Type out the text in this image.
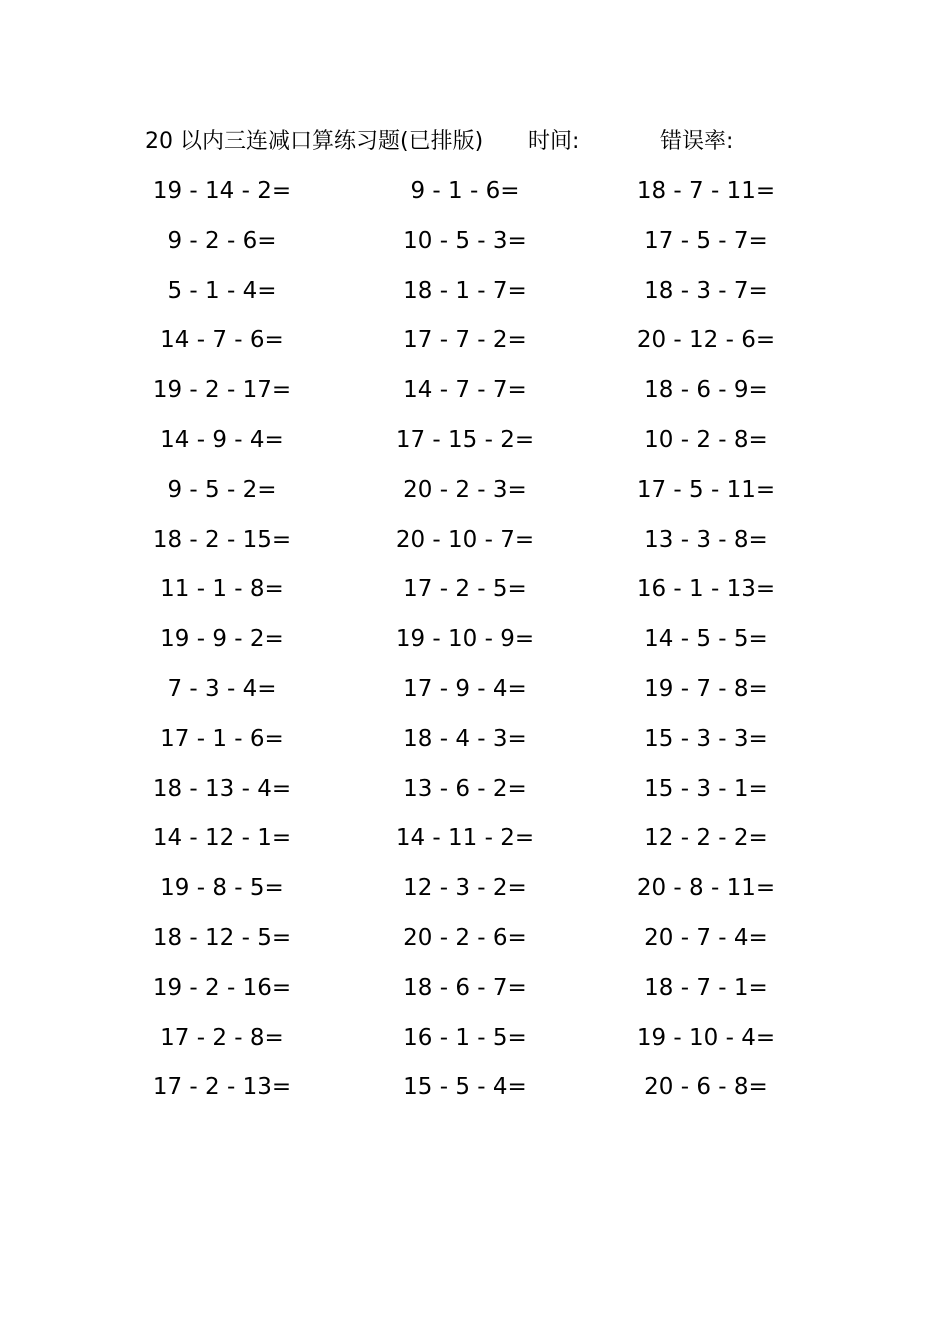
20 以内三连减口算练习题(已排版) 时间:	错误率:
19 - 14 - 2=	9 - 1 - 6=	18 - 7 - 11=
9 - 2 - 6=	10 - 5 - 3=	17 - 5 - 7=
5 - 1 - 4=	18 - 1 - 7=	18 - 3 - 7=
14 - 7 - 6=	17 - 7 - 2=	20 - 12 - 6=
19 - 2 - 17=	14 - 7 - 7=	18 - 6 - 9=
14 - 9 - 4=	17 - 15 - 2=	10 - 2 - 8=
9 - 5 - 2=	20 - 2 - 3=	17 - 5 - 11=
18 - 2 - 15=	20 - 10 - 7=	13 - 3 - 8=
11 - 1 - 8=	17 - 2 - 5=	16 - 1 - 13=
19 - 9 - 2=	19 - 10 - 9=	14 - 5 - 5=
7 - 3 - 4=	17 - 9 - 4=	19 - 7 - 8=
17 - 1 - 6=	18 - 4 - 3=	15 - 3 - 3=
18 - 13 - 4=	13 - 6 - 2=	15 - 3 - 1=
14 - 12 - 1=	14 - 11 - 2=	12 - 2 - 2=
19 - 8 - 5=	12 - 3 - 2=	20 - 8 - 11=
18 - 12 - 5=	20 - 2 - 6=	20 - 7 - 4=
19 - 2 - 16=	18 - 6 - 7=	18 - 7 - 1=
17 - 2 - 8=	16 - 1 - 5=	19 - 10 - 4=
17 - 2 - 13=	15 - 5 - 4=	20 - 6 - 8=
